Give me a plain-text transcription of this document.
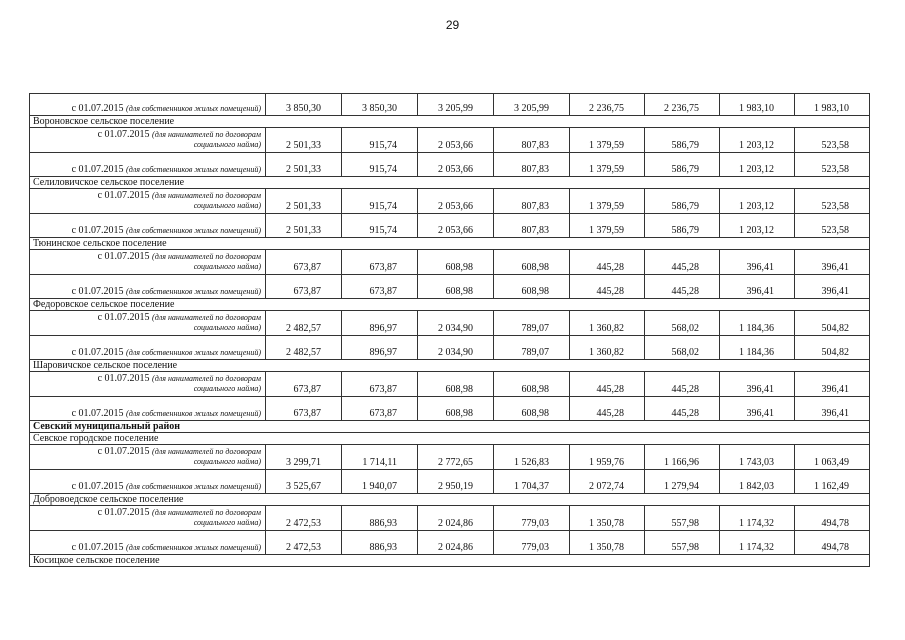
29
с 01.07.2015 (для собственников жилых помещений)	3 850,30	3 850,30	3 205,99	3 205,99	2 236,75	2 236,75	1 983,10	1 983,10
Вороновское сельское поселение								

с 01.07.2015 (для нанимателей по договорам
социального найма)	2 501,33	915,74	2 053,66	807,83	1 379,59	586,79	1 203,12	523,58
с 01.07.2015 (для собственников жилых помещений)	2 501,33	915,74	2 053,66	807,83	1 379,59	586,79	1 203,12	523,58
Селиловичское сельское поселение								

с 01.07.2015 (для нанимателей по договорам
социального найма)	2 501,33	915,74	2 053,66	807,83	1 379,59	586,79	1 203,12	523,58
с 01.07.2015 (для собственников жилых помещений)	2 501,33	915,74	2 053,66	807,83	1 379,59	586,79	1 203,12	523,58
Тюнинское сельское поселение								

с 01.07.2015 (для нанимателей по договорам
социального найма)	673,87	673,87	608,98	608,98	445,28	445,28	396,41	396,41
с 01.07.2015 (для собственников жилых помещений)	673,87	673,87	608,98	608,98	445,28	445,28	396,41	396,41
Федоровское сельское поселение								

с 01.07.2015 (для нанимателей по договорам
социального найма)	2 482,57	896,97	2 034,90	789,07	1 360,82	568,02	1 184,36	504,82
с 01.07.2015 (для собственников жилых помещений)	2 482,57	896,97	2 034,90	789,07	1 360,82	568,02	1 184,36	504,82
Шаровичское сельское поселение								

с 01.07.2015 (для нанимателей по договорам
социального найма)	673,87	673,87	608,98	608,98	445,28	445,28	396,41	396,41
с 01.07.2015 (для собственников жилых помещений)	673,87	673,87	608,98	608,98	445,28	445,28	396,41	396,41
Севский муниципальный район								
Севское городское поселение								

с 01.07.2015 (для нанимателей по договорам
социального найма)	3 299,71	1 714,11	2 772,65	1 526,83	1 959,76	1 166,96	1 743,03	1 063,49
с 01.07.2015 (для собственников жилых помещений)	3 525,67	1 940,07	2 950,19	1 704,37	2 072,74	1 279,94	1 842,03	1 162,49
Добровоедское сельское поселение								

с 01.07.2015 (для нанимателей по договорам
социального найма)	2 472,53	886,93	2 024,86	779,03	1 350,78	557,98	1 174,32	494,78
с 01.07.2015 (для собственников жилых помещений)	2 472,53	886,93	2 024,86	779,03	1 350,78	557,98	1 174,32	494,78
Косицкое сельское поселение								
